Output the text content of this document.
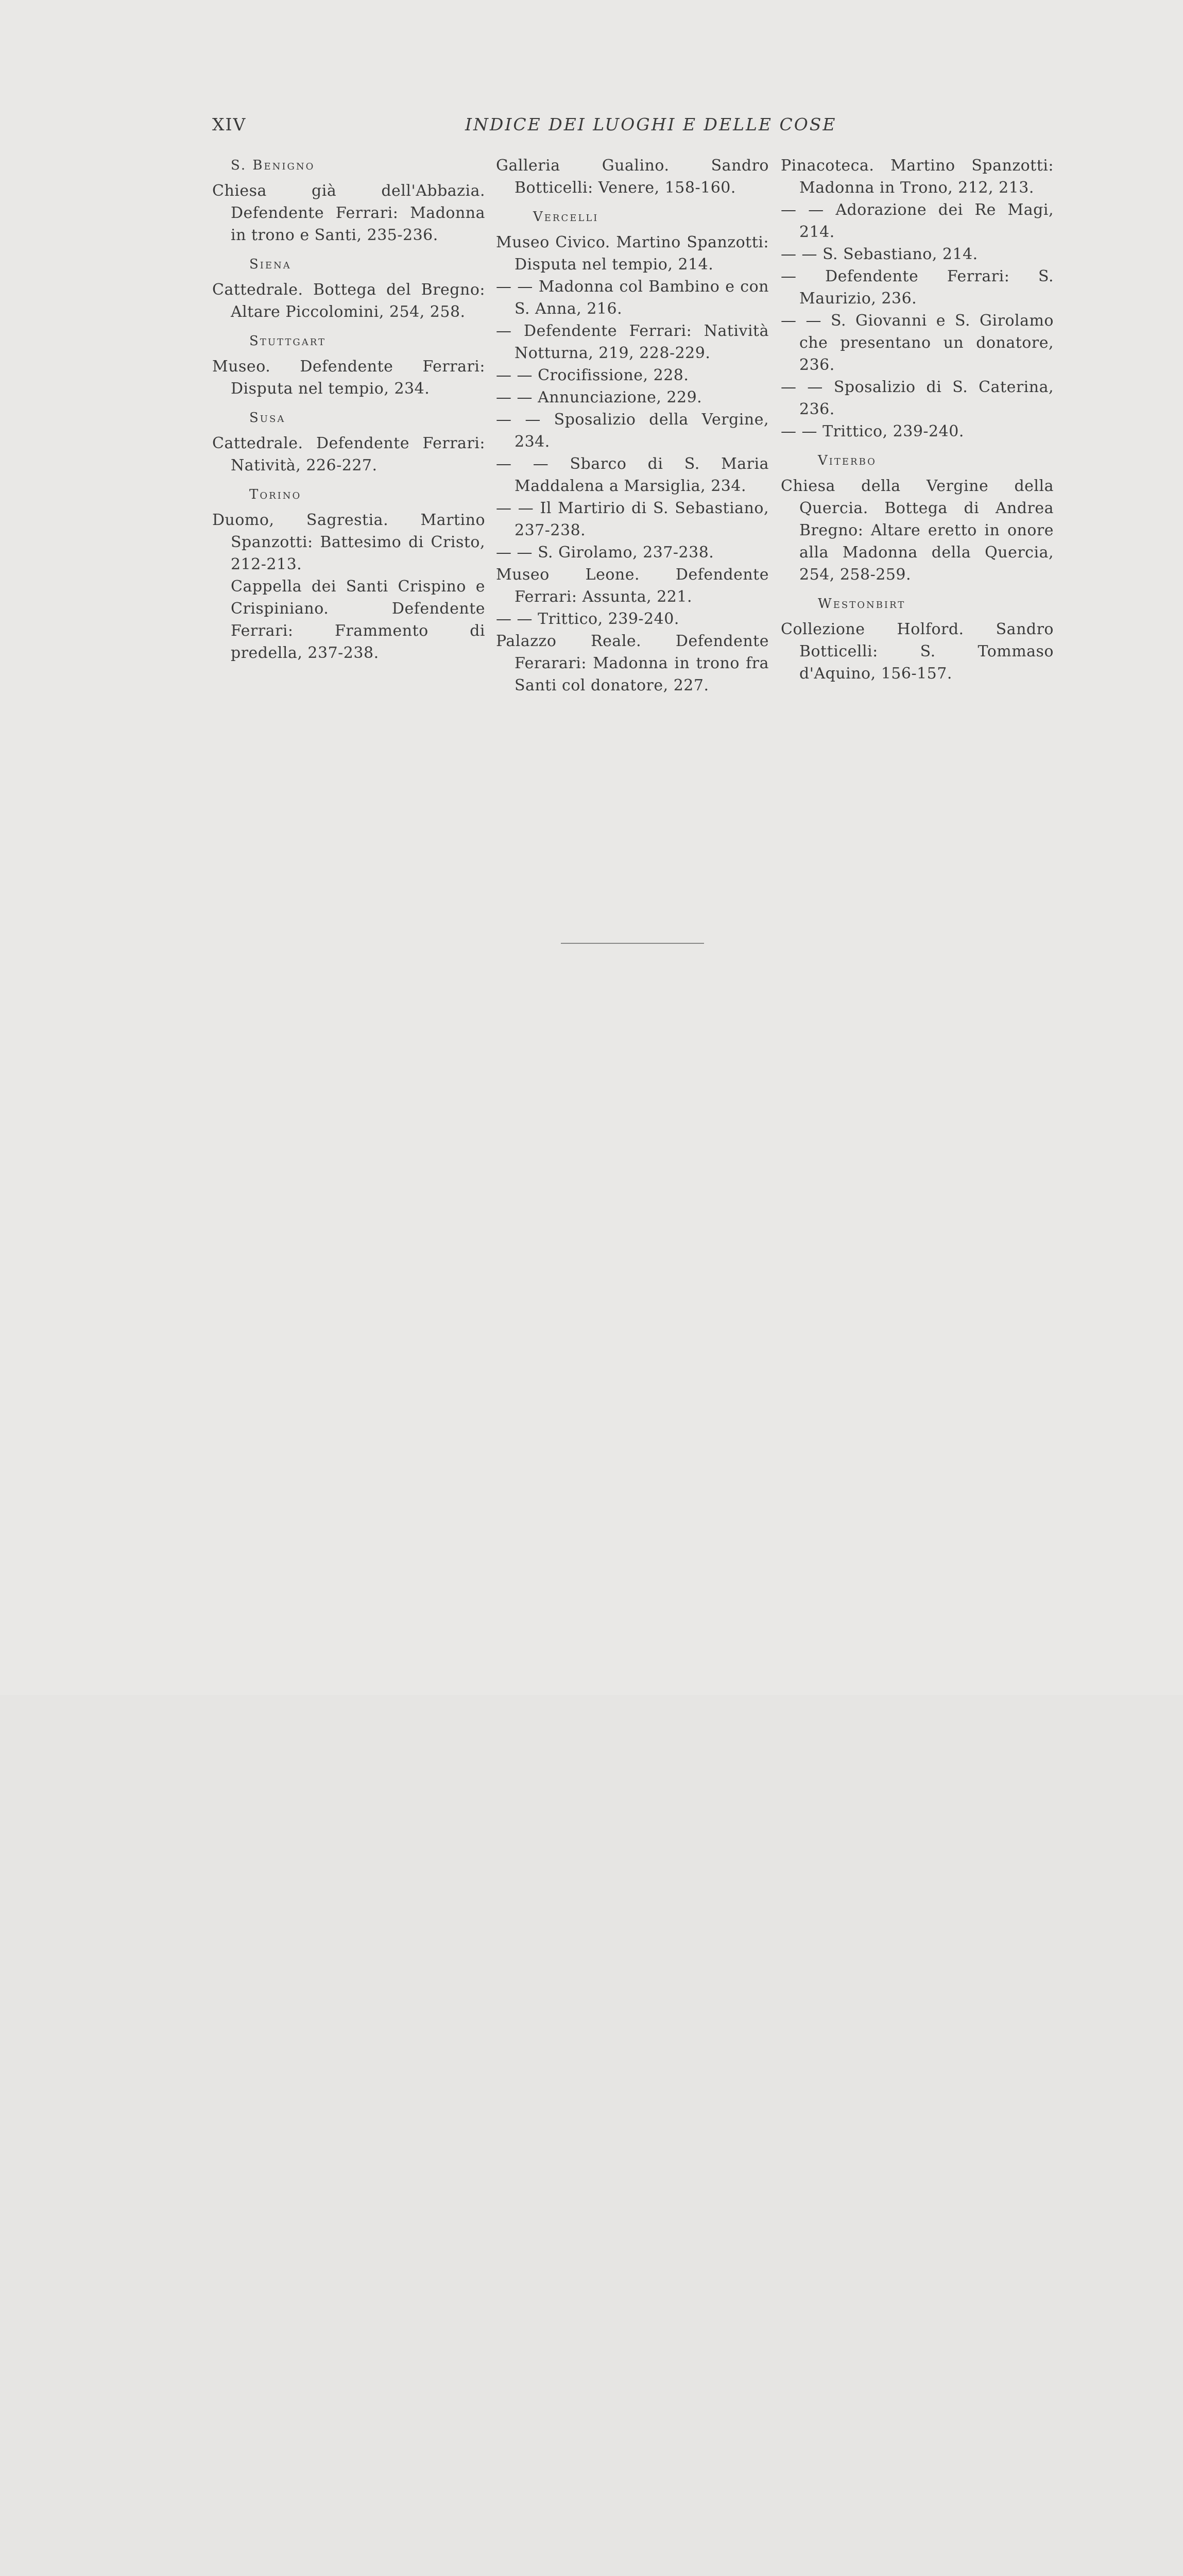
XIV	INDICE DEI LUOGHI E DELLE COSE
S. Benigno
Chiesa già dell'Abbazia. Defendente Ferrari: Madonna in trono e Santi, 235-236.
Siena
Cattedrale. Bottega del Bregno: Altare Piccolomini, 254, 258.
Stuttgart
Museo. Defendente Ferrari: Disputa nel tempio, 234.
Susa
Cattedrale. Defendente Ferrari: Natività, 226-227.
Torino
Duomo, Sagrestia. Martino Spanzotti: Battesimo di Cristo, 212-213.
Cappella dei Santi Crispino e Crispiniano. Defendente Ferrari: Frammento di predella, 237-238.
Galleria Gualino. Sandro Botticelli: Venere, 158-160.
Vercelli
Museo Civico. Martino Spanzotti: Disputa nel tempio, 214.
— — Madonna col Bambino e con S. Anna, 216.
— Defendente Ferrari: Natività Notturna, 219, 228-229.
— — Crocifissione, 228.
— — Annunciazione, 229.
— — Sposalizio della Vergine, 234.
— — Sbarco di S. Maria Maddalena a Marsiglia, 234.
— — Il Martirio di S. Sebastiano, 237-238.
— — S. Girolamo, 237-238.
Museo Leone. Defendente Ferrari: Assunta, 221.
— — Trittico, 239-240.
Palazzo Reale. Defendente Ferarari: Madonna in trono fra Santi col donatore, 227.
Pinacoteca. Martino Spanzotti: Madonna in Trono, 212, 213.
— — Adorazione dei Re Magi, 214.
— — S. Sebastiano, 214.
— Defendente Ferrari: S. Maurizio, 236.
— — S. Giovanni e S. Girolamo che presentano un donatore, 236.
— — Sposalizio di S. Caterina, 236.
— — Trittico, 239-240.
Viterbo
Chiesa della Vergine della Quercia. Bottega di Andrea Bregno: Altare eretto in onore alla Madonna della Quercia, 254, 258-259.
Westonbirt
Collezione Holford. Sandro Botticelli: S. Tommaso d'Aquino, 156-157.
